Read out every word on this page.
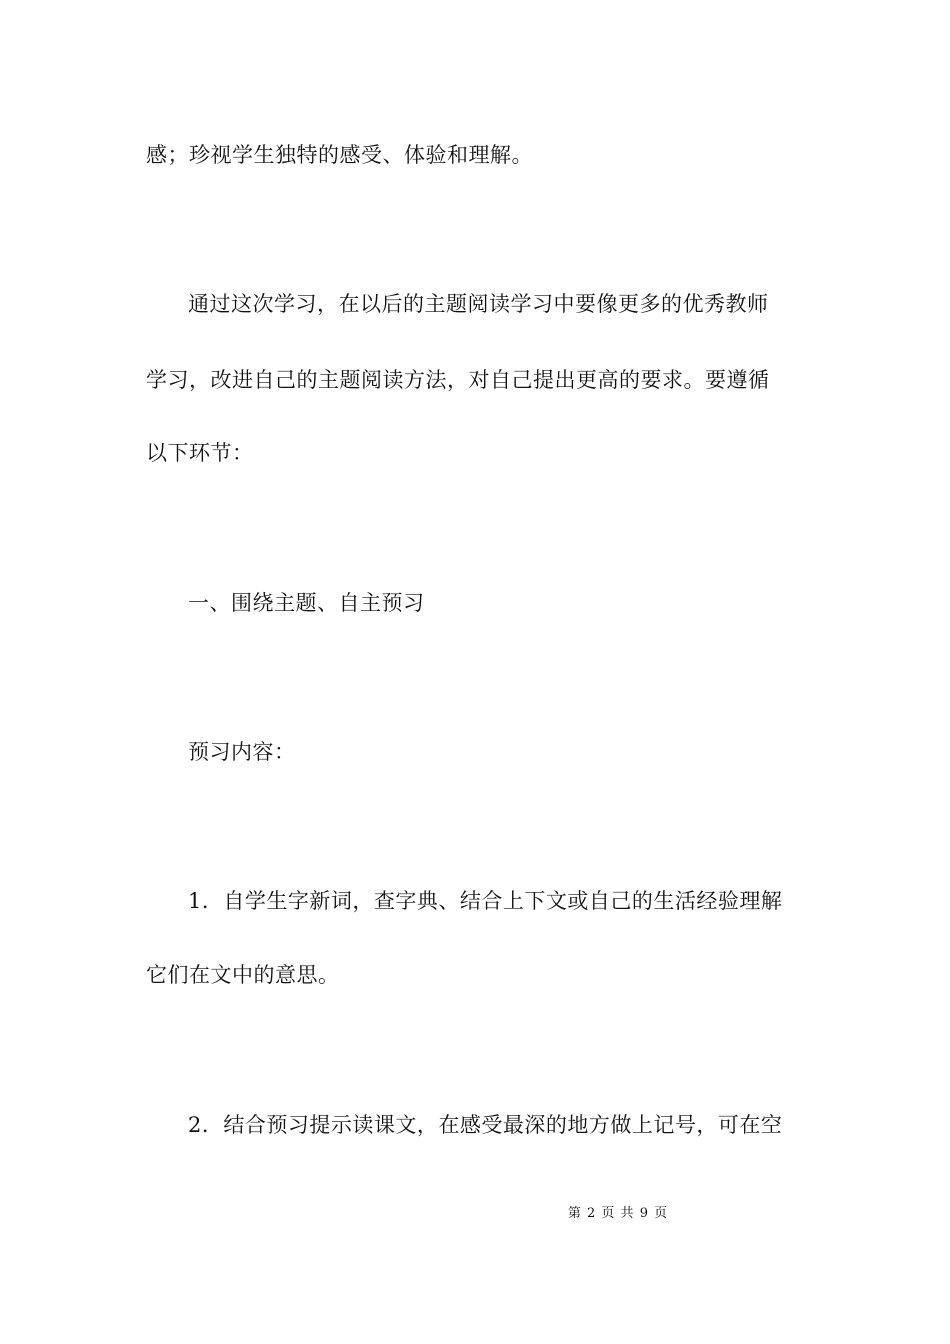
感；珍视学生独特的感受、体验和理解。
通过这次学习，在以后的主题阅读学习中要像更多的优秀教师
学习，改进自己的主题阅读方法，对自己提出更高的要求。要遵循
以下环节：
一、围绕主题、自主预习
预习内容：
1．自学生字新词，查字典、结合上下文或自己的生活经验理解
它们在文中的意思。
2．结合预习提示读课文，在感受最深的地方做上记号，可在空
第 2 页 共 9 页
